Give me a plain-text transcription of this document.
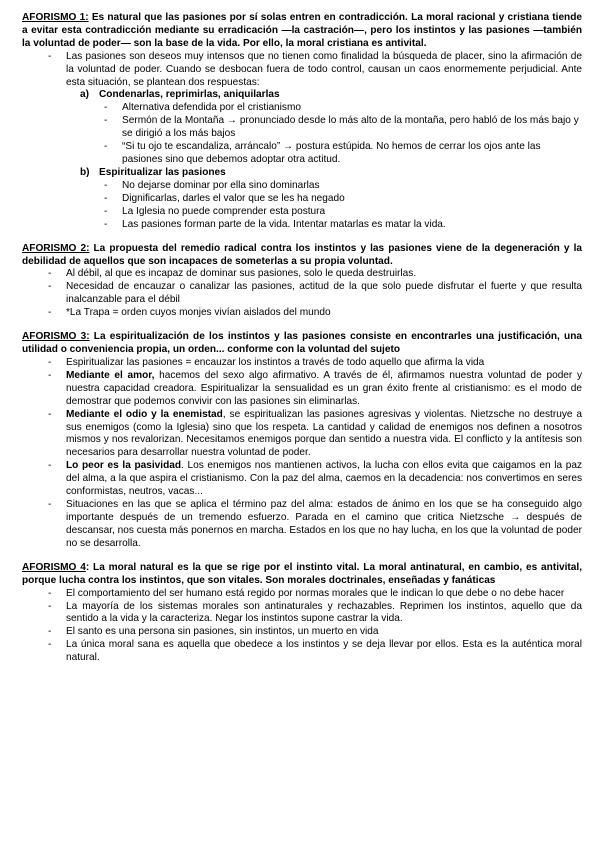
AFORISMO 1: Es natural que las pasiones por sí solas entren en contradicción. La moral racional y cristiana tiende a evitar esta contradicción mediante su erradicación —la castración—, pero los instintos y las pasiones —también la voluntad de poder— son la base de la vida. Por ello, la moral cristiana es antivital.
- Las pasiones son deseos muy intensos que no tienen como finalidad la búsqueda de placer, sino la afirmación de la voluntad de poder. Cuando se desbocan fuera de todo control, causan un caos enormemente perjudicial. Ante esta situación, se plantean dos respuestas:
a) Condenarlas, reprimirlas, aniquilarlas
- Alternativa defendida por el cristianismo
- Sermón de la Montaña → pronunciado desde lo más alto de la montaña, pero habló de los más bajo y se dirigió a los más bajos
- “Si tu ojo te escandaliza, arráncalo” → postura estúpida. No hemos de cerrar los ojos ante las pasiones sino que debemos adoptar otra actitud.
b) Espiritualizar las pasiones
- No dejarse dominar por ella sino dominarlas
- Dignificarlas, darles el valor que se les ha negado
- La Iglesia no puede comprender esta postura
- Las pasiones forman parte de la vida. Intentar matarlas es matar la vida.
AFORISMO 2: La propuesta del remedio radical contra los instintos y las pasiones viene de la degeneración y la debilidad de aquellos que son incapaces de someterlas a su propia voluntad.
- Al débil, al que es incapaz de dominar sus pasiones, solo le queda destruirlas.
- Necesidad de encauzar o canalizar las pasiones, actitud de la que solo puede disfrutar el fuerte y que resulta inalcanzable para el débil
- *La Trapa = orden cuyos monjes vivían aislados del mundo
AFORISMO 3: La espiritualización de los instintos y las pasiones consiste en encontrarles una justificación, una utilidad o conveniencia propia, un orden... conforme con la voluntad del sujeto
- Espiritualizar las pasiones = encauzar los instintos a través de todo aquello que afirma la vida
- Mediante el amor, hacemos del sexo algo afirmativo. A través de él, afirmamos nuestra voluntad de poder y nuestra capacidad creadora. Espiritualizar la sensualidad es un gran éxito frente al cristianismo: es el modo de demostrar que podemos convivir con las pasiones sin eliminarlas.
- Mediante el odio y la enemistad, se espiritualizan las pasiones agresivas y violentas. Nietzsche no destruye a sus enemigos (como la Iglesia) sino que los respeta. La cantidad y calidad de enemigos nos definen a nosotros mismos y nos revalorizan. Necesitamos enemigos porque dan sentido a nuestra vida. El conflicto y la antítesis son necesarios para desarrollar nuestra voluntad de poder.
- Lo peor es la pasividad. Los enemigos nos mantienen activos, la lucha con ellos evita que caigamos en la paz del alma, a la que aspira el cristianismo. Con la paz del alma, caemos en la decadencia: nos convertimos en seres conformistas, neutros, vacas...
- Situaciones en las que se aplica el término paz del alma: estados de ánimo en los que se ha conseguido algo importante después de un tremendo esfuerzo. Parada en el camino que critica Nietzsche → después de descansar, nos cuesta más ponernos en marcha. Estados en los que no hay lucha, en los que la voluntad de poder no se desarrolla.
AFORISMO 4: La moral natural es la que se rige por el instinto vital. La moral antinatural, en cambio, es antivital, porque lucha contra los instintos, que son vitales. Son morales doctrinales, enseñadas y fanáticas
- El comportamiento del ser humano está regido por normas morales que le indican lo que debe o no debe hacer
- La mayoría de los sistemas morales son antinaturales y rechazables. Reprimen los instintos, aquello que da sentido a la vida y la caracteriza. Negar los instintos supone castrar la vida.
- El santo es una persona sin pasiones, sin instintos, un muerto en vida
- La única moral sana es aquella que obedece a los instintos y se deja llevar por ellos. Esta es la auténtica moral natural.
